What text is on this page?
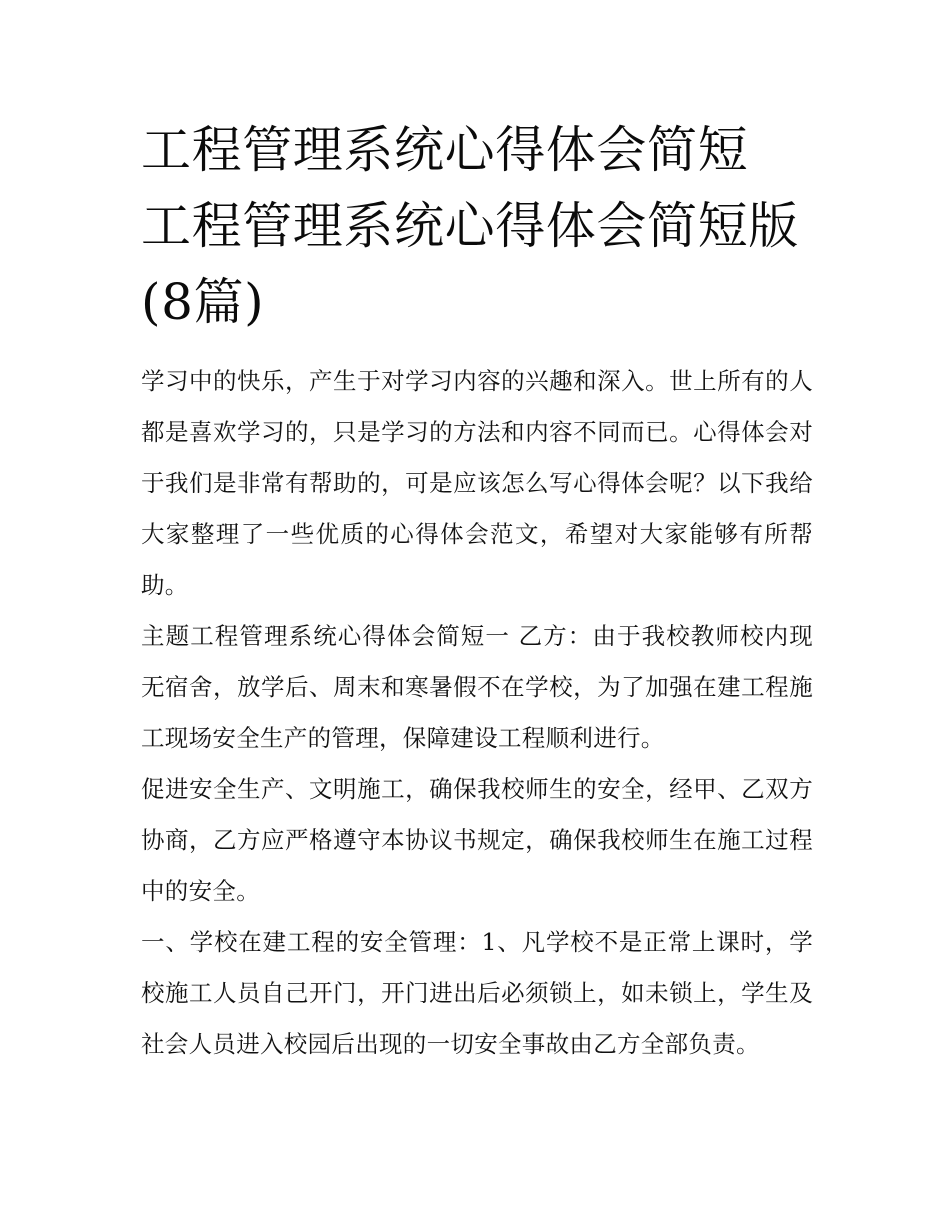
工程管理系统心得体会简短 工程管理系统心得体会简短版(8篇)

学习中的快乐，产生于对学习内容的兴趣和深入。世上所有的人都是喜欢学习的，只是学习的方法和内容不同而已。心得体会对于我们是非常有帮助的，可是应该怎么写心得体会呢？以下我给大家整理了一些优质的心得体会范文，希望对大家能够有所帮助。

主题工程管理系统心得体会简短一 乙方：由于我校教师校内现无宿舍，放学后、周末和寒暑假不在学校，为了加强在建工程施工现场安全生产的管理，保障建设工程顺利进行。

促进安全生产、文明施工，确保我校师生的安全，经甲、乙双方协商，乙方应严格遵守本协议书规定，确保我校师生在施工过程中的安全。

一、学校在建工程的安全管理：1、凡学校不是正常上课时，学校施工人员自己开门，开门进出后必须锁上，如未锁上，学生及社会人员进入校园后出现的一切安全事故由乙方全部负责。
